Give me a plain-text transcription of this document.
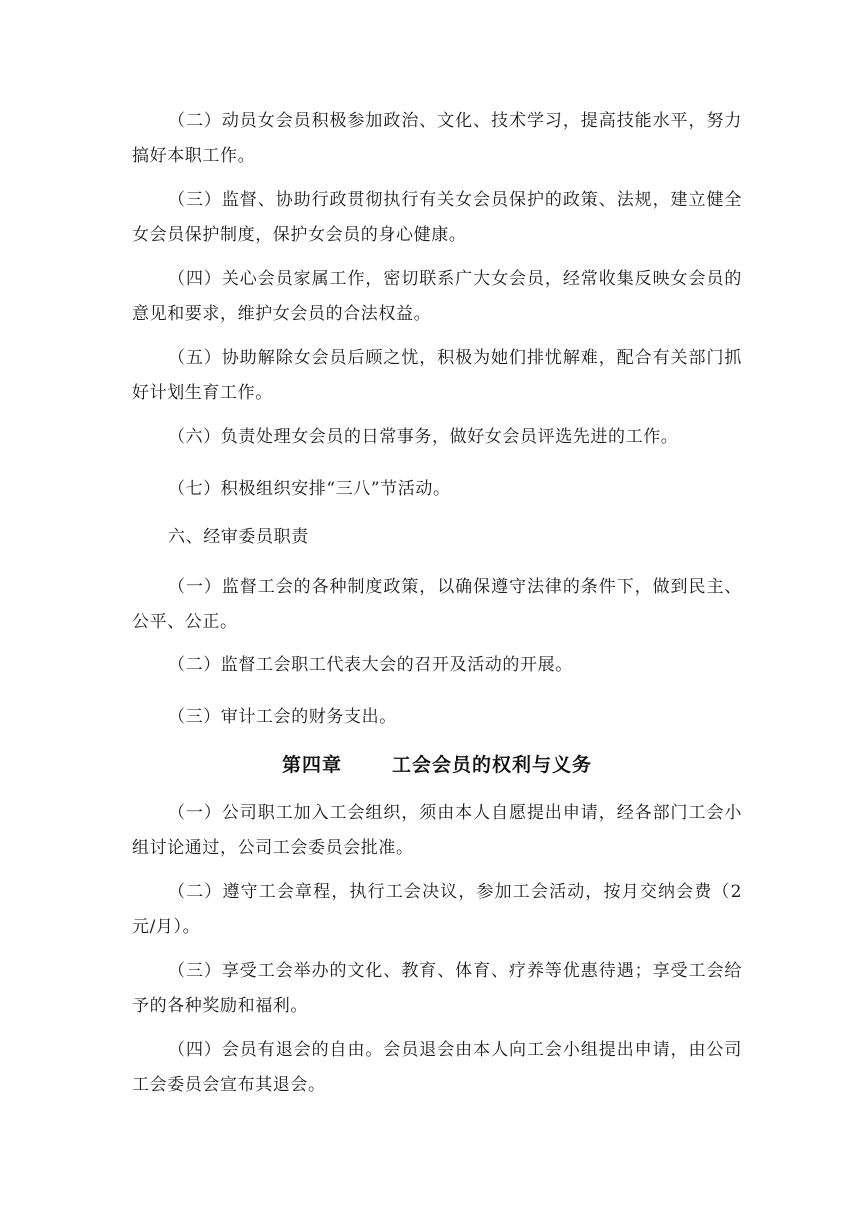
（二）动员女会员积极参加政治、文化、技术学习，提高技能水平，努力搞好本职工作。

（三）监督、协助行政贯彻执行有关女会员保护的政策、法规，建立健全女会员保护制度，保护女会员的身心健康。

（四）关心会员家属工作，密切联系广大女会员，经常收集反映女会员的意见和要求，维护女会员的合法权益。

（五）协助解除女会员后顾之忧，积极为她们排忧解难，配合有关部门抓好计划生育工作。

（六）负责处理女会员的日常事务，做好女会员评选先进的工作。

（七）积极组织安排“三八”节活动。

六、经审委员职责

（一）监督工会的各种制度政策，以确保遵守法律的条件下，做到民主、公平、公正。

（二）监督工会职工代表大会的召开及活动的开展。

（三）审计工会的财务支出。

第四章	工会会员的权利与义务

（一）公司职工加入工会组织，须由本人自愿提出申请，经各部门工会小组讨论通过，公司工会委员会批准。

（二）遵守工会章程，执行工会决议，参加工会活动，按月交纳会费（2元/月）。

（三）享受工会举办的文化、教育、体育、疗养等优惠待遇；享受工会给予的各种奖励和福利。

（四）会员有退会的自由。会员退会由本人向工会小组提出申请，由公司工会委员会宣布其退会。
